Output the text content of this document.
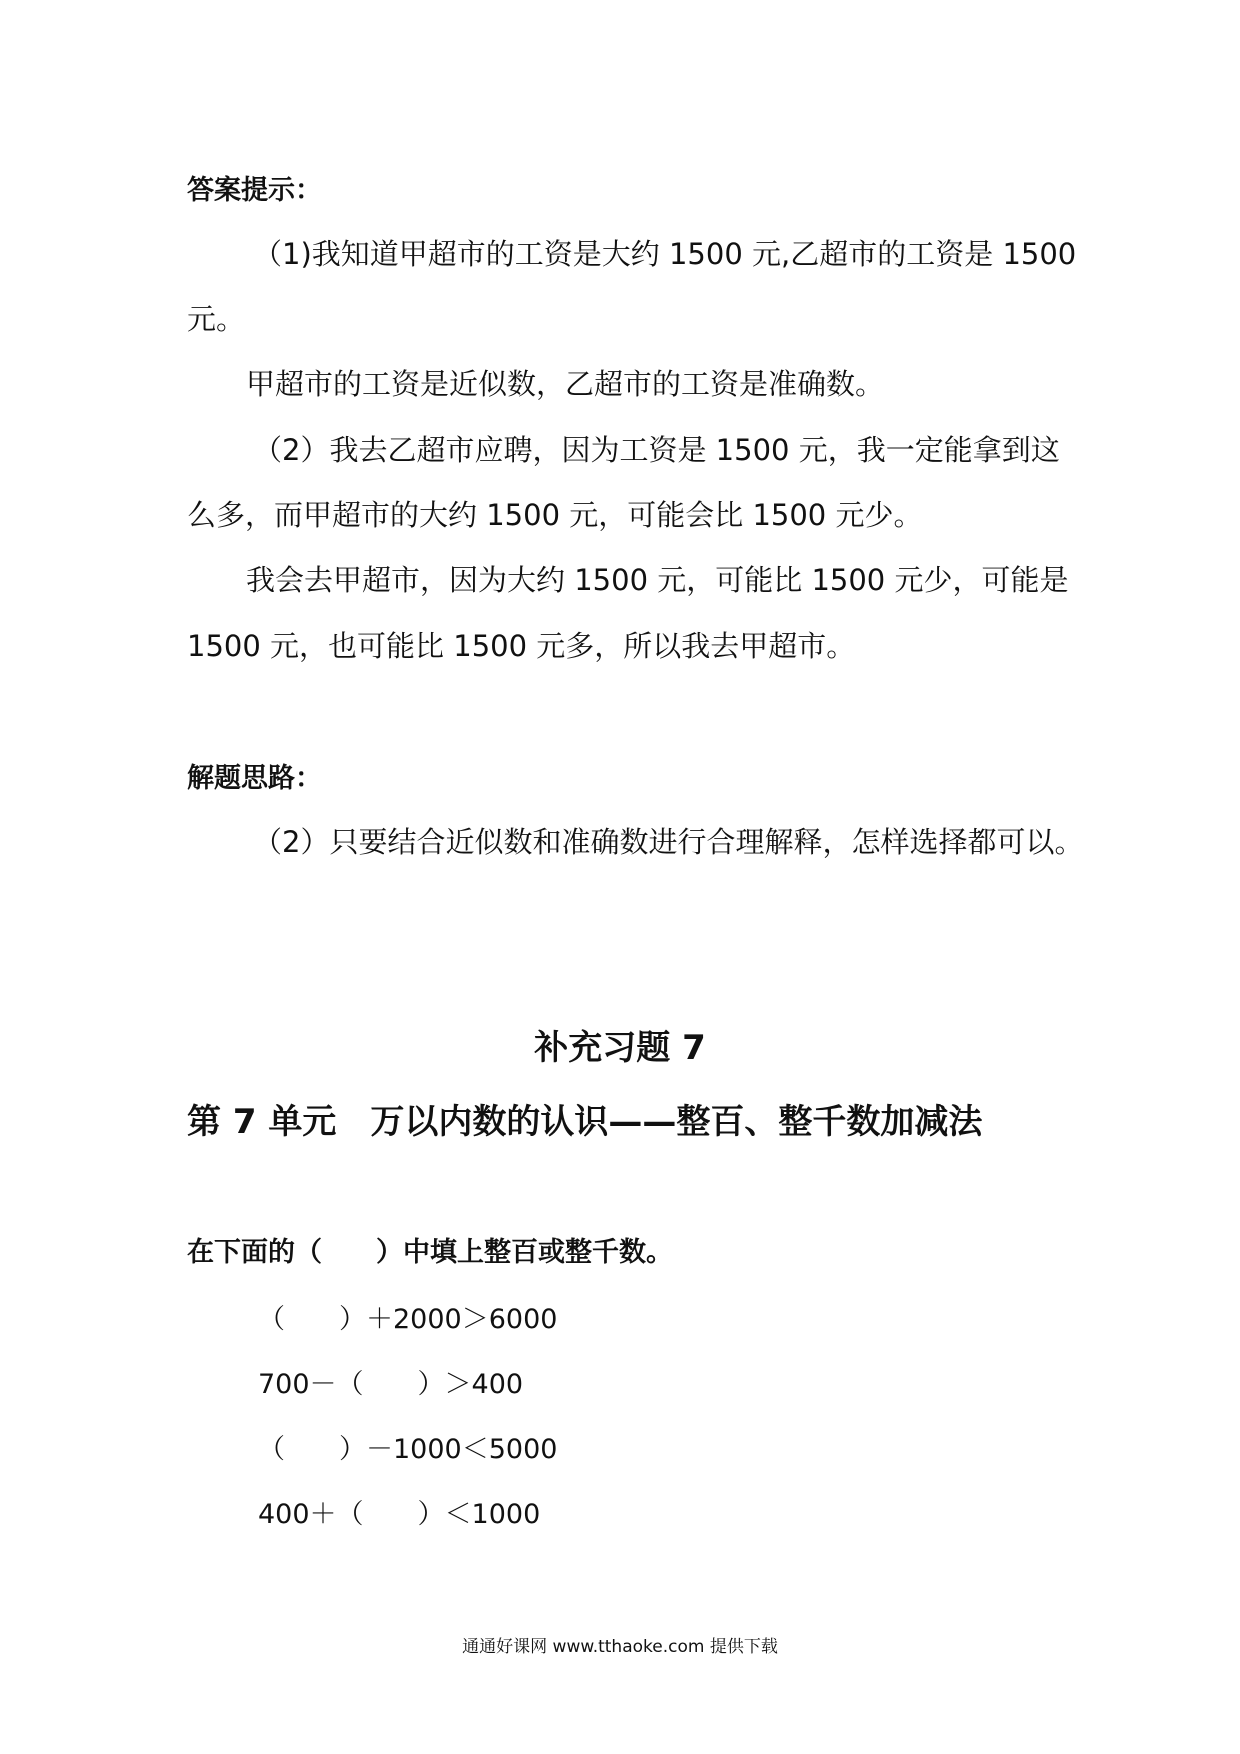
答案提示：
（1)我知道甲超市的工资是大约 1500 元,乙超市的工资是 1500
元。
甲超市的工资是近似数，乙超市的工资是准确数。
（2）我去乙超市应聘，因为工资是 1500 元，我一定能拿到这
么多，而甲超市的大约 1500 元，可能会比 1500 元少。
我会去甲超市，因为大约 1500 元，可能比 1500 元少，可能是
1500 元，也可能比 1500 元多，所以我去甲超市。
解题思路：
（2）只要结合近似数和准确数进行合理解释，怎样选择都可以。
补充习题 7
第 7 单元　万以内数的认识——整百、整千数加减法
在下面的（　　）中填上整百或整千数。
（　　）＋2000＞6000
700－（　　）＞400
（　　）－1000＜5000
400＋（　　）＜1000
通通好课网 www.tthaoke.com 提供下载
